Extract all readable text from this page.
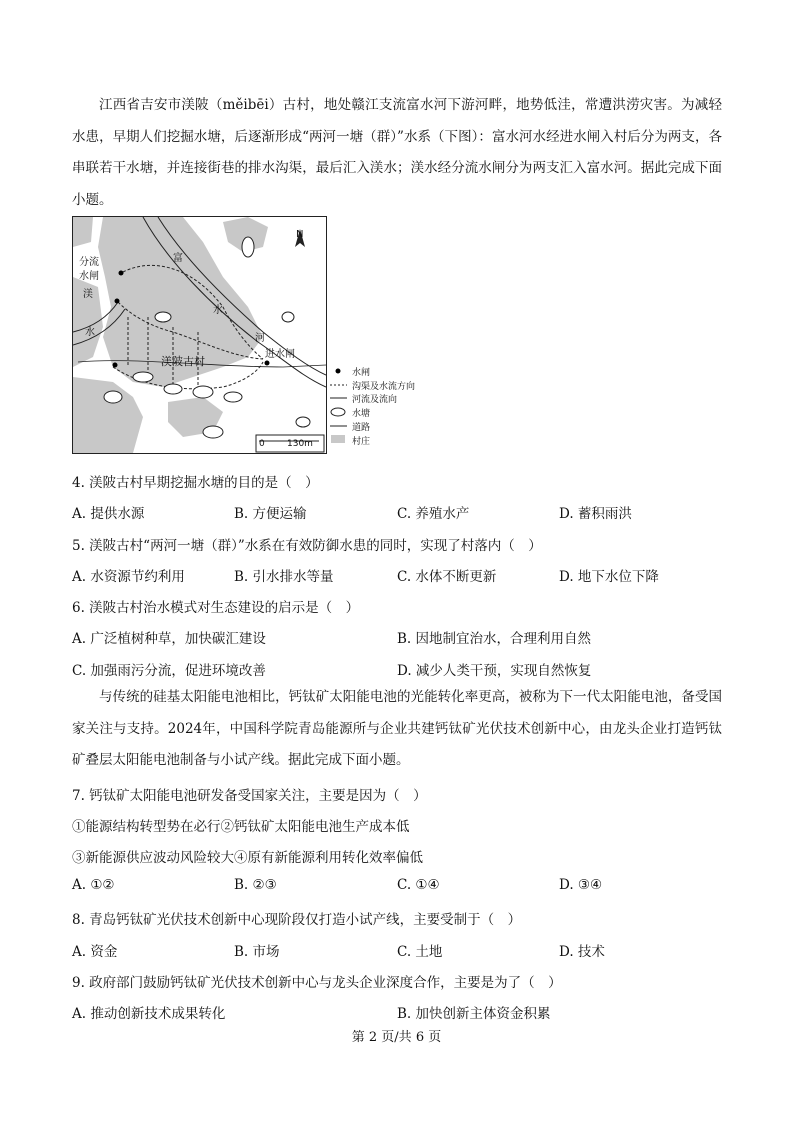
江西省吉安市渼陂（měibēi）古村，地处赣江支流富水河下游河畔，地势低洼，常遭洪涝灾害。为减轻水患，早期人们挖掘水塘，后逐渐形成“两河一塘（群）”水系（下图）：富水河水经进水闸入村后分为两支，各串联若干水塘，并连接街巷的排水沟渠，最后汇入渼水；渼水经分流水闸分为两支汇入富水河。据此完成下面小题。
分流
水闸
渼
水
富
水
河
进水闸
渼陂古村
N
0 130m
水闸
沟渠及水流方向
河流及流向
水塘
道路
村庄
4. 渼陂古村早期挖掘水塘的目的是（　）
A. 提供水源	B. 方便运输	C. 养殖水产	D. 蓄积雨洪
5. 渼陂古村“两河一塘（群）”水系在有效防御水患的同时，实现了村落内（　）
A. 水资源节约利用	B. 引水排水等量	C. 水体不断更新	D. 地下水位下降
6. 渼陂古村治水模式对生态建设的启示是（　）
A. 广泛植树种草，加快碳汇建设	B. 因地制宜治水，合理利用自然
C. 加强雨污分流，促进环境改善	D. 减少人类干预，实现自然恢复
与传统的硅基太阳能电池相比，钙钛矿太阳能电池的光能转化率更高，被称为下一代太阳能电池，备受国家关注与支持。2024年，中国科学院青岛能源所与企业共建钙钛矿光伏技术创新中心，由龙头企业打造钙钛矿叠层太阳能电池制备与小试产线。据此完成下面小题。
7. 钙钛矿太阳能电池研发备受国家关注，主要是因为（　）
①能源结构转型势在必行②钙钛矿太阳能电池生产成本低
③新能源供应波动风险较大④原有新能源利用转化效率偏低
A. ①②	B. ②③	C. ①④	D. ③④
8. 青岛钙钛矿光伏技术创新中心现阶段仅打造小试产线，主要受制于（　）
A. 资金	B. 市场	C. 土地	D. 技术
9. 政府部门鼓励钙钛矿光伏技术创新中心与龙头企业深度合作，主要是为了（　）
A. 推动创新技术成果转化	B. 加快创新主体资金积累
第 2 页/共 6 页
